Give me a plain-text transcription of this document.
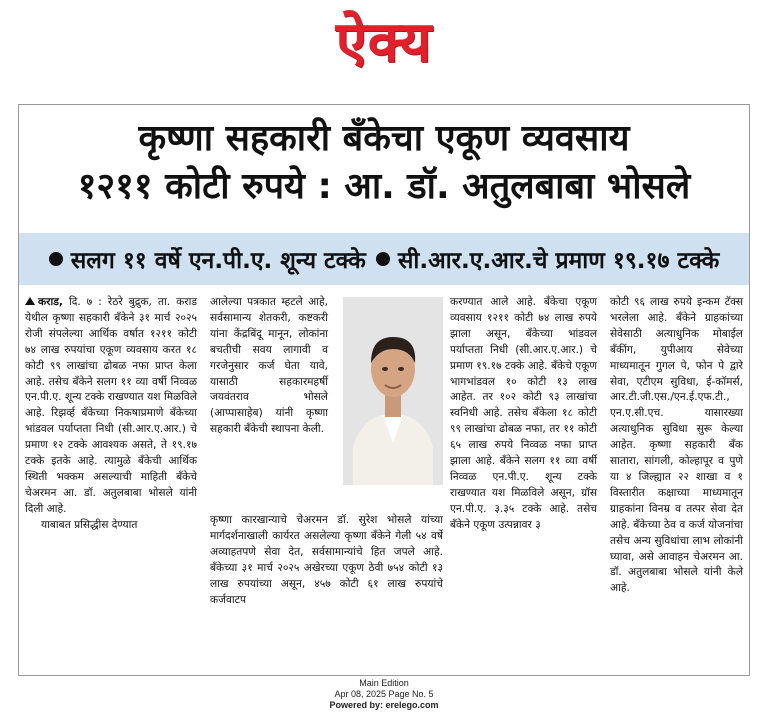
ऐक्य
कृष्णा सहकारी बँकेचा एकूण व्यवसाय
१२११ कोटी रुपये : आ. डॉ. अतुलबाबा भोसले
सलग ११ वर्षे एन.पी.ए. शून्य टक्के सी.आर.ए.आर.चे प्रमाण १९.१७ टक्के

कराड, दि. ७ : रेठरे बुद्रुक, ता. कराड येथील कृष्णा सहकारी बँकेने ३१ मार्च २०२५ रोजी संपलेल्या आर्थिक वर्षात १२११ कोटी ७४ लाख रुपयांचा एकूण व्यवसाय करत १८ कोटी ९९ लाखांचा ढोबळ नफा प्राप्त केला आहे. तसेच बँकेने सलग ११ व्या वर्षी निव्वळ एन.पी.ए. शून्य टक्के राखण्यात यश मिळविले आहे. रिझर्व्ह बँकेच्या निकषाप्रमाणे बँकेच्या भांडवल पर्याप्तता निधी (सी.आर.ए.आर.) चे प्रमाण १२ टक्के आवश्यक असते, ते १९.१७ टक्के इतके आहे. त्यामुळे बँकेची आर्थिक स्थिती भक्कम असल्याची माहिती बँकेचे चेअरमन आ. डॉ. अतुलबाबा भोसले यांनी दिली आहे.

याबाबत प्रसिद्धीस देण्यात

आलेल्या पत्रकात म्हटले आहे, सर्वसामान्य शेतकरी, कष्टकरी यांना केंद्रबिंदू मानून, लोकांना बचतीची सवय लागावी व गरजेनुसार कर्ज घेता यावे, यासाठी सहकारमहर्षी जयवंतराव भोसले (आप्पासाहेब) यांनी कृष्णा सहकारी बँकेची स्थापना केली.
कृष्णा कारखान्याचे चेअरमन डॉ. सुरेश भोसले यांच्या मार्गदर्शनाखाली कार्यरत असलेल्या कृष्णा बँकेने गेली ५४ वर्षे अव्याहतपणे सेवा देत, सर्वसामान्यांचे हित जपले आहे. बँकेच्या ३१ मार्च २०२५ अखेरच्या एकूण ठेवी ७५४ कोटी १३ लाख रुपयांच्या असून, ४५७ कोटी ६१ लाख रुपयांचे कर्जवाटप
करण्यात आले आहे. बँकेचा एकूण व्यवसाय १२११ कोटी ७४ लाख रुपये झाला असून, बँकेच्या भांडवल पर्याप्तता निधी (सी.आर.ए.आर.) चे प्रमाण १९.१७ टक्के आहे. बँकेचे एकूण भागभांडवल १० कोटी १३ लाख आहेत. तर १०२ कोटी ९३ लाखांचा स्वनिधी आहे. तसेच बँकेला १८ कोटी ९९ लाखांचा ढोबळ नफा, तर ११ कोटी ६५ लाख रुपये निव्वळ नफा प्राप्त झाला आहे. बँकेने सलग ११ व्या वर्षी निव्वळ एन.पी.ए. शून्य टक्के राखण्यात यश मिळविले असून, ग्रॉस एन.पी.ए. ३.३५ टक्के आहे. तसेच बँकेने एकूण उत्पन्नावर ३
कोटी ९६ लाख रुपये इन्कम टॅक्स भरलेला आहे. बँकेने ग्राहकांच्या सेवेसाठी अत्याधुनिक मोबाईल बँकींग, युपीआय सेवेच्या माध्यमातून गुगल पे, फोन पे द्वारे सेवा, एटीएम सुविधा, ई-कॉमर्स, आर.टी.जी.एस./एन.ई.एफ.टी., एन.ए.सी.एच. यासारख्या अत्याधुनिक सुविधा सुरू केल्या आहेत. कृष्णा सहकारी बँक सातारा, सांगली, कोल्हापूर व पुणे या ४ जिल्ह्यात २२ शाखा व १ विस्तारीत कक्षाच्या माध्यमातून ग्राहकांना विनम्र व तत्पर सेवा देत आहे. बँकेच्या ठेव व कर्ज योजनांचा तसेच अन्य सुविधांचा लाभ लोकांनी घ्यावा, असे आवाहन चेअरमन आ. डॉ. अतुलबाबा भोसले यांनी केले आहे.
Main Edition
Apr 08, 2025 Page No. 5
Powered by: erelego.com
